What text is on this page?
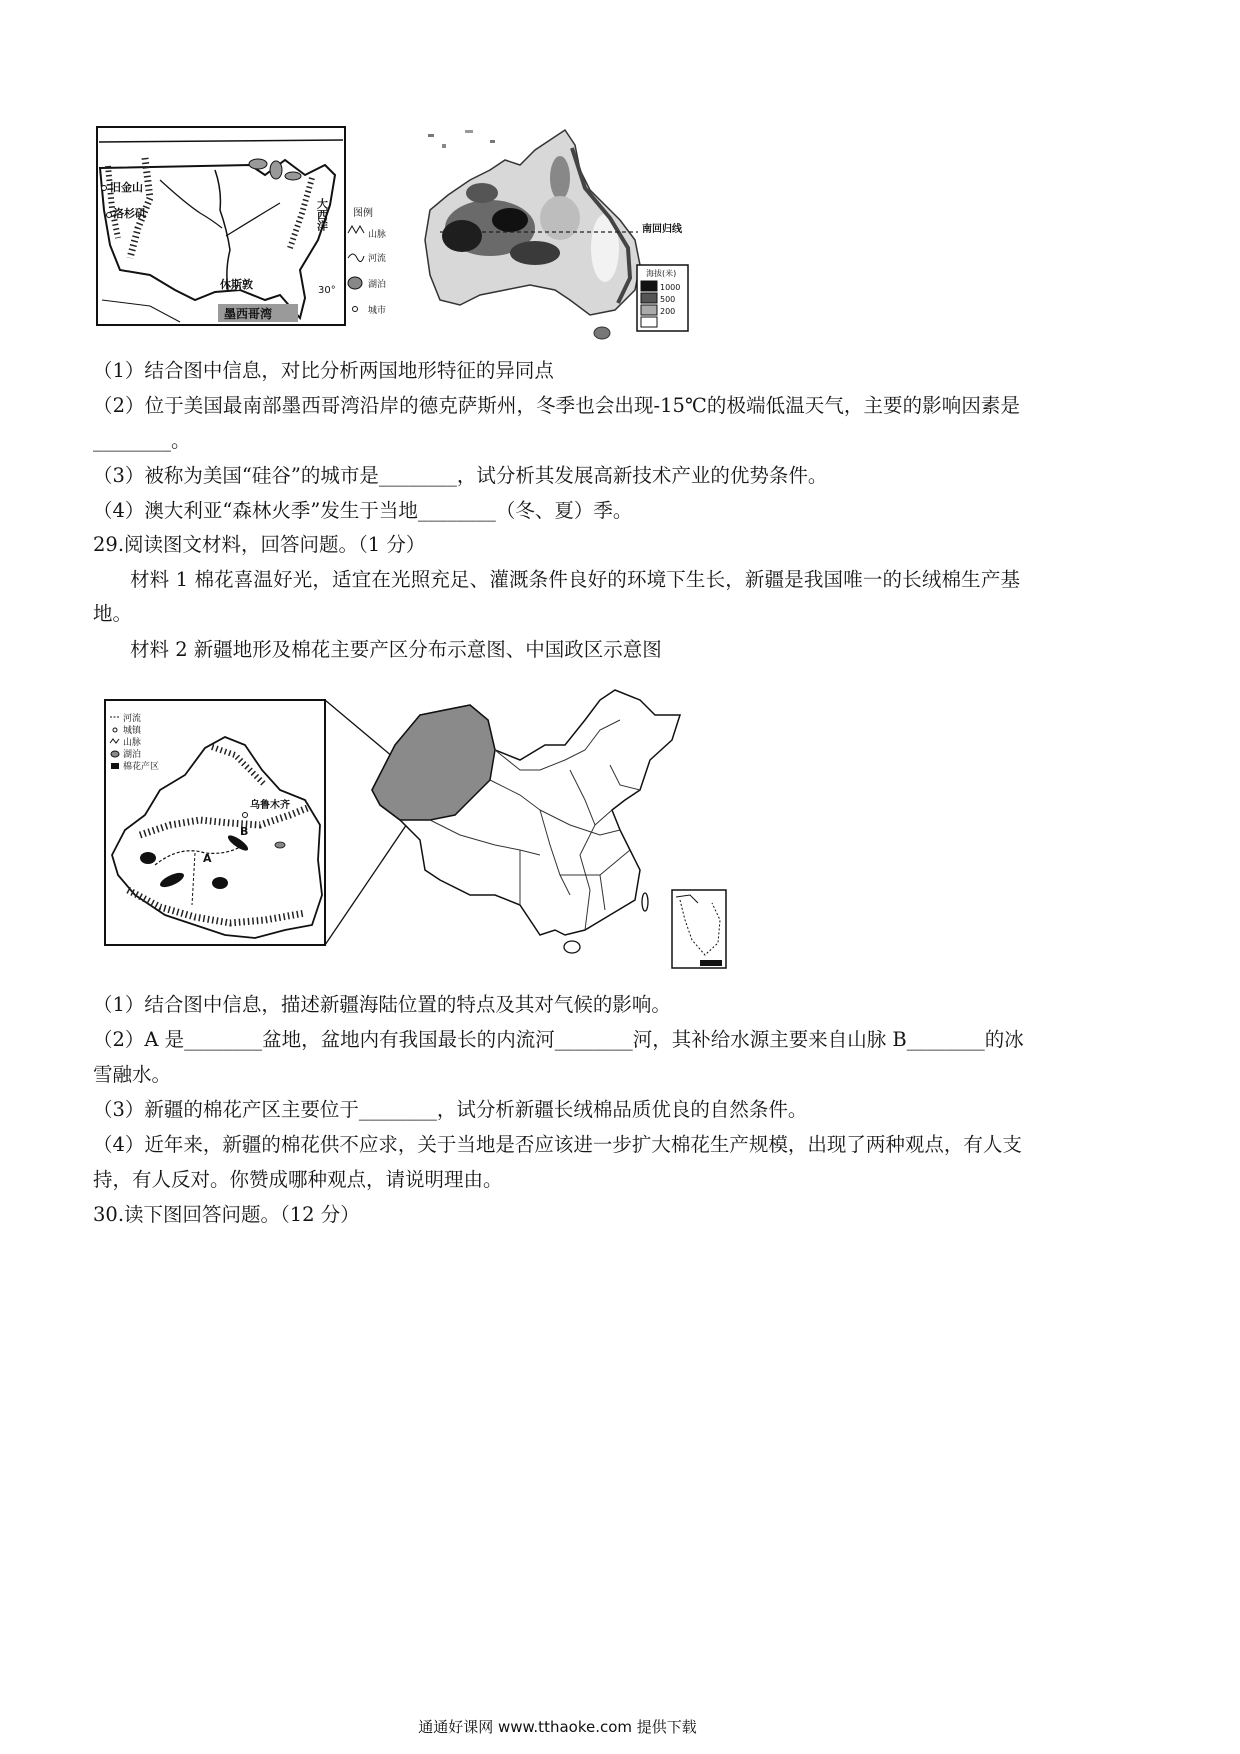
旧金山
洛杉矶
休斯敦
墨西哥湾
大西洋
30°
图例
山脉
河流
湖泊
城市
南回归线
海拔(米)
1000
500
200
（1）结合图中信息，对比分析两国地形特征的异同点
（2）位于美国最南部墨西哥湾沿岸的德克萨斯州，冬季也会出现-15℃的极端低温天气，主要的影响因素是
________。
（3）被称为美国“硅谷”的城市是________，试分析其发展高新技术产业的优势条件。
（4）澳大利亚“森林火季”发生于当地________（冬、夏）季。
29.阅读图文材料，回答问题。（1 分）
材料 1 棉花喜温好光，适宜在光照充足、灌溉条件良好的环境下生长，新疆是我国唯一的长绒棉生产基
地。
材料 2 新疆地形及棉花主要产区分布示意图、中国政区示意图
乌鲁木齐
B
A
河流
城镇
山脉
湖泊
棉花产区
（1）结合图中信息，描述新疆海陆位置的特点及其对气候的影响。
（2）A 是________盆地，盆地内有我国最长的内流河________河，其补给水源主要来自山脉 B________的冰
雪融水。
（3）新疆的棉花产区主要位于________，试分析新疆长绒棉品质优良的自然条件。
（4）近年来，新疆的棉花供不应求，关于当地是否应该进一步扩大棉花生产规模，出现了两种观点，有人支
持，有人反对。你赞成哪种观点，请说明理由。
30.读下图回答问题。（12 分）
通通好课网 www.tthaoke.com 提供下载
